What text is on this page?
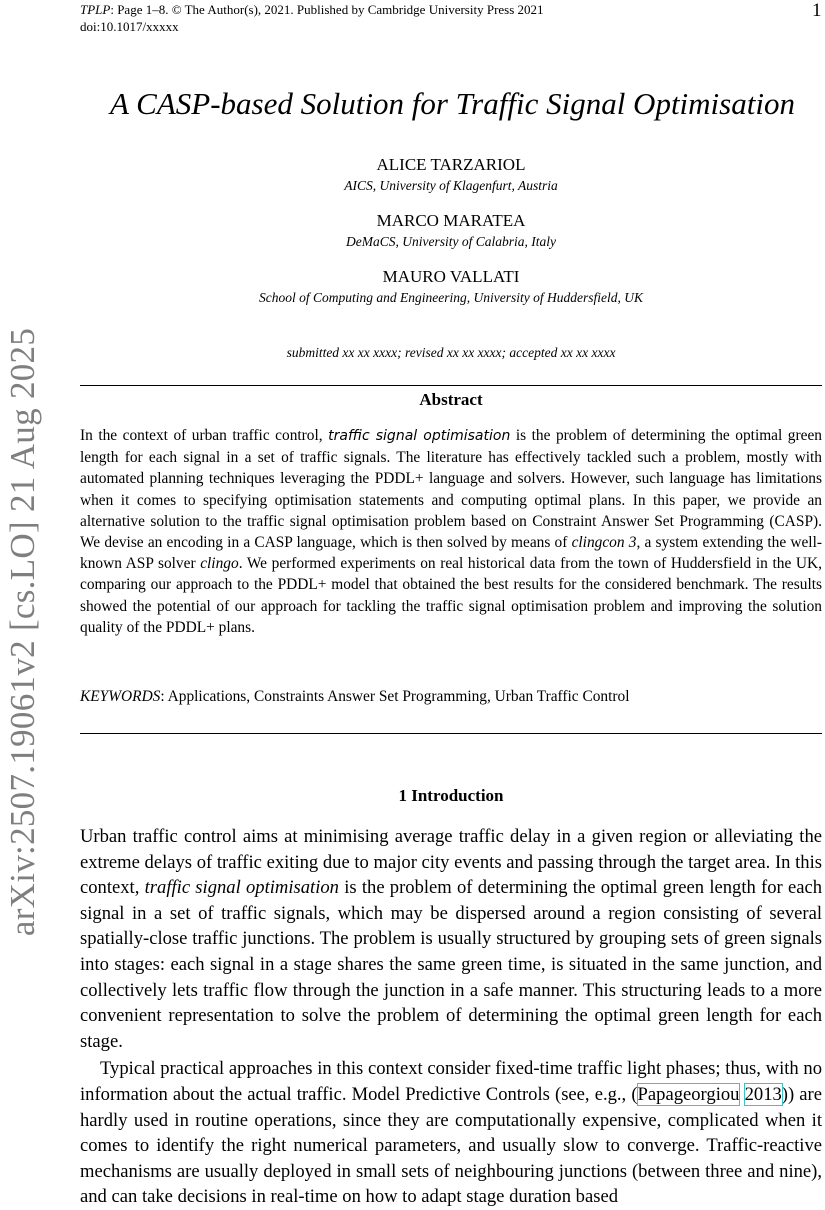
TPLP: Page 1–8. © The Author(s), 2021. Published by Cambridge University Press 2021
doi:10.1017/xxxxx
1
arXiv:2507.19061v2 [cs.LO] 21 Aug 2025
A CASP-based Solution for Traffic Signal Optimisation
ALICE TARZARIOL
AICS, University of Klagenfurt, Austria
MARCO MARATEA
DeMaCS, University of Calabria, Italy
MAURO VALLATI
School of Computing and Engineering, University of Huddersfield, UK
submitted xx xx xxxx; revised xx xx xxxx; accepted xx xx xxxx
Abstract
In the context of urban traffic control, traffic signal optimisation is the problem of determining the optimal green length for each signal in a set of traffic signals. The literature has effectively tackled such a problem, mostly with automated planning techniques leveraging the PDDL+ language and solvers. However, such language has limitations when it comes to specifying optimisation statements and computing optimal plans. In this paper, we provide an alternative solution to the traffic signal optimisation problem based on Constraint Answer Set Programming (CASP). We devise an encoding in a CASP language, which is then solved by means of clingcon 3, a system extending the well-known ASP solver clingo. We performed experiments on real historical data from the town of Huddersfield in the UK, comparing our approach to the PDDL+ model that obtained the best results for the considered benchmark. The results showed the potential of our approach for tackling the traffic signal optimisation problem and improving the solution quality of the PDDL+ plans.
KEYWORDS: Applications, Constraints Answer Set Programming, Urban Traffic Control
1 Introduction

Urban traffic control aims at minimising average traffic delay in a given region or alleviating the extreme delays of traffic exiting due to major city events and passing through the target area. In this context, traffic signal optimisation is the problem of determining the optimal green length for each signal in a set of traffic signals, which may be dispersed around a region consisting of several spatially-close traffic junctions. The problem is usually structured by grouping sets of green signals into stages: each signal in a stage shares the same green time, is situated in the same junction, and collectively lets traffic flow through the junction in a safe manner. This structuring leads to a more convenient representation to solve the problem of determining the optimal green length for each stage.

Typical practical approaches in this context consider fixed-time traffic light phases; thus, with no information about the actual traffic. Model Predictive Controls (see, e.g., (Papageorgiou 2013)) are hardly used in routine operations, since they are computationally expensive, complicated when it comes to identify the right numerical parameters, and usually slow to converge. Traffic-reactive mechanisms are usually deployed in small sets of neighbouring junctions (between three and nine), and can take decisions in real-time on how to adapt stage duration based
